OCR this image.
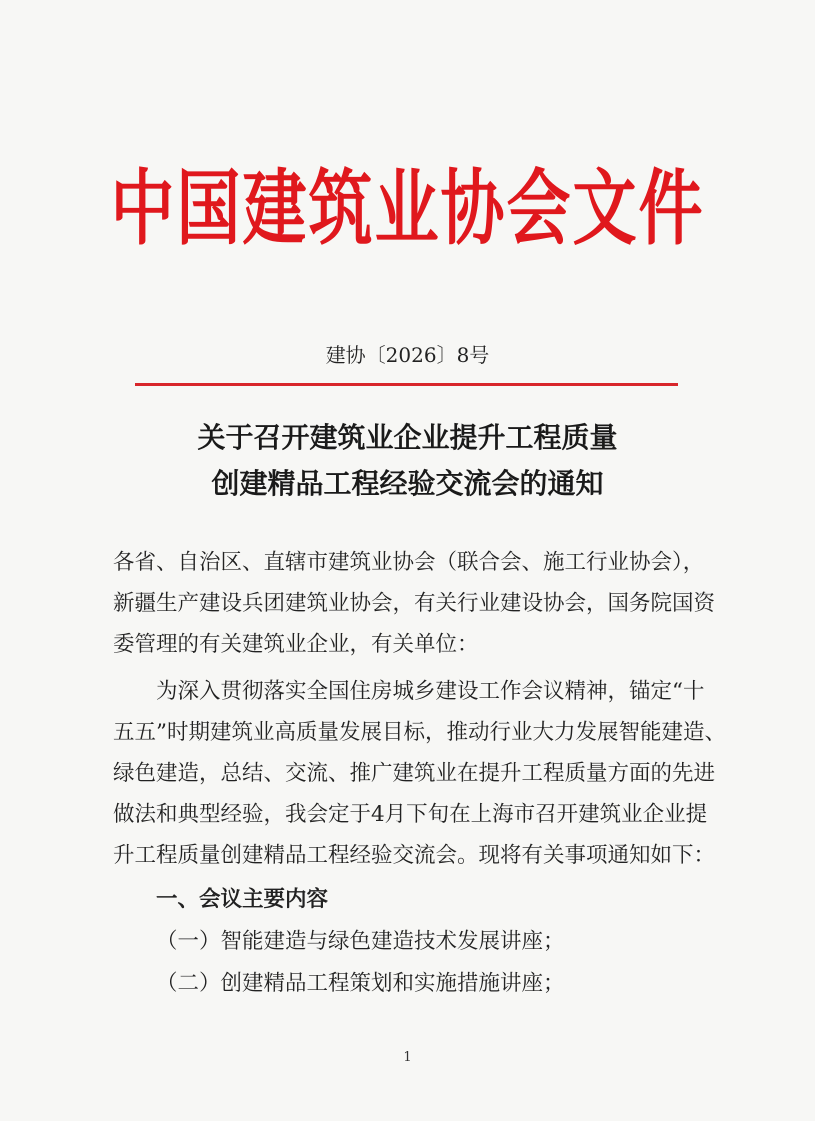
中国建筑业协会文件
建协〔2026〕8号
关于召开建筑业企业提升工程质量
创建精品工程经验交流会的通知
各省、自治区、直辖市建筑业协会（联合会、施工行业协会），
新疆生产建设兵团建筑业协会，有关行业建设协会，国务院国资
委管理的有关建筑业企业，有关单位：
为深入贯彻落实全国住房城乡建设工作会议精神，锚定“十
五五”时期建筑业高质量发展目标，推动行业大力发展智能建造、
绿色建造，总结、交流、推广建筑业在提升工程质量方面的先进
做法和典型经验，我会定于4月下旬在上海市召开建筑业企业提
升工程质量创建精品工程经验交流会。现将有关事项通知如下：
一、会议主要内容
（一）智能建造与绿色建造技术发展讲座；
（二）创建精品工程策划和实施措施讲座；
1
